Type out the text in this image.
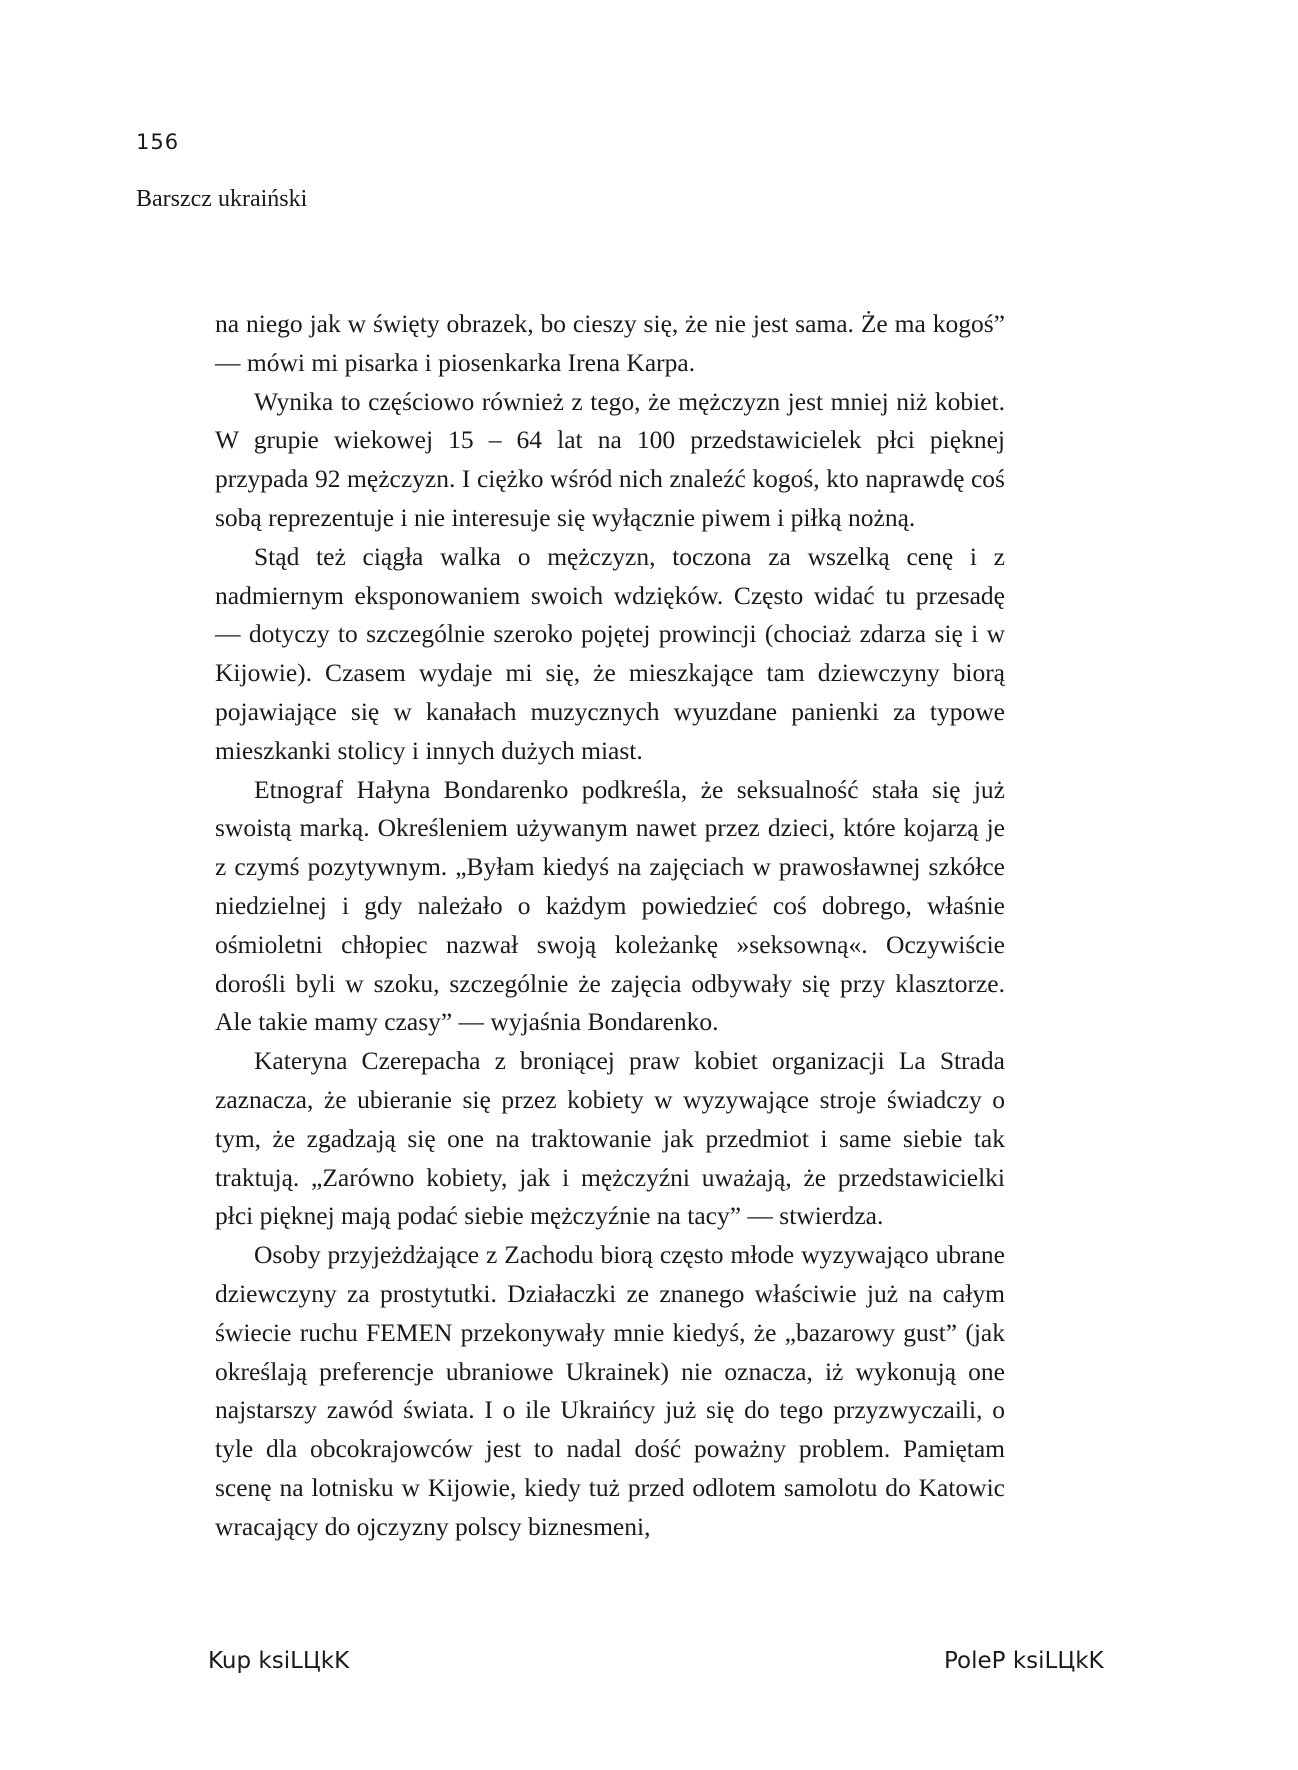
156
Barszcz ukraiński

na niego jak w święty obrazek, bo cieszy się, że nie jest sama. Że ma kogoś” — mówi mi pisarka i piosenkarka Irena Karpa.

Wynika to częściowo również z tego, że mężczyzn jest mniej niż kobiet. W grupie wiekowej 15 – 64 lat na 100 przedstawicielek płci pięknej przypada 92 mężczyzn. I ciężko wśród nich znaleźć kogoś, kto naprawdę coś sobą reprezentuje i nie interesuje się wyłącznie piwem i piłką nożną.

Stąd też ciągła walka o mężczyzn, toczona za wszelką cenę i z nadmiernym eksponowaniem swoich wdzięków. Często widać tu przesadę — dotyczy to szczególnie szeroko pojętej prowincji (chociaż zdarza się i w Kijowie). Czasem wydaje mi się, że mieszkające tam dziewczyny biorą pojawiające się w kanałach muzycznych wyuzdane panienki za typowe mieszkanki stolicy i innych dużych miast.

Etnograf Hałyna Bondarenko podkreśla, że seksualność stała się już swoistą marką. Określeniem używanym nawet przez dzieci, które kojarzą je z czymś pozytywnym. „Byłam kiedyś na zajęciach w prawosławnej szkółce niedzielnej i gdy należało o każdym powiedzieć coś dobrego, właśnie ośmioletni chłopiec nazwał swoją koleżankę »seksowną«. Oczywiście dorośli byli w szoku, szczególnie że zajęcia odbywały się przy klasztorze. Ale takie mamy czasy” — wyjaśnia Bondarenko.

Kateryna Czerepacha z broniącej praw kobiet organizacji La Strada zaznacza, że ubieranie się przez kobiety w wyzywające stroje świadczy o tym, że zgadzają się one na traktowanie jak przedmiot i same siebie tak traktują. „Zarówno kobiety, jak i mężczyźni uważają, że przedstawicielki płci pięknej mają podać siebie mężczyźnie na tacy” — stwierdza.

Osoby przyjeżdżające z Zachodu biorą często młode wyzywająco ubrane dziewczyny za prostytutki. Działaczki ze znanego właściwie już na całym świecie ruchu FEMEN przekonywały mnie kiedyś, że „bazarowy gust” (jak określają preferencje ubraniowe Ukrainek) nie oznacza, iż wykonują one najstarszy zawód świata. I o ile Ukraińcy już się do tego przyzwyczaili, o tyle dla obcokrajowców jest to nadal dość poważny problem. Pamiętam scenę na lotnisku w Kijowie, kiedy tuż przed odlotem samolotu do Katowic wracający do ojczyzny polscy biznesmeni,

Kup ksiLЦkK	PoleP ksiLЦkK
